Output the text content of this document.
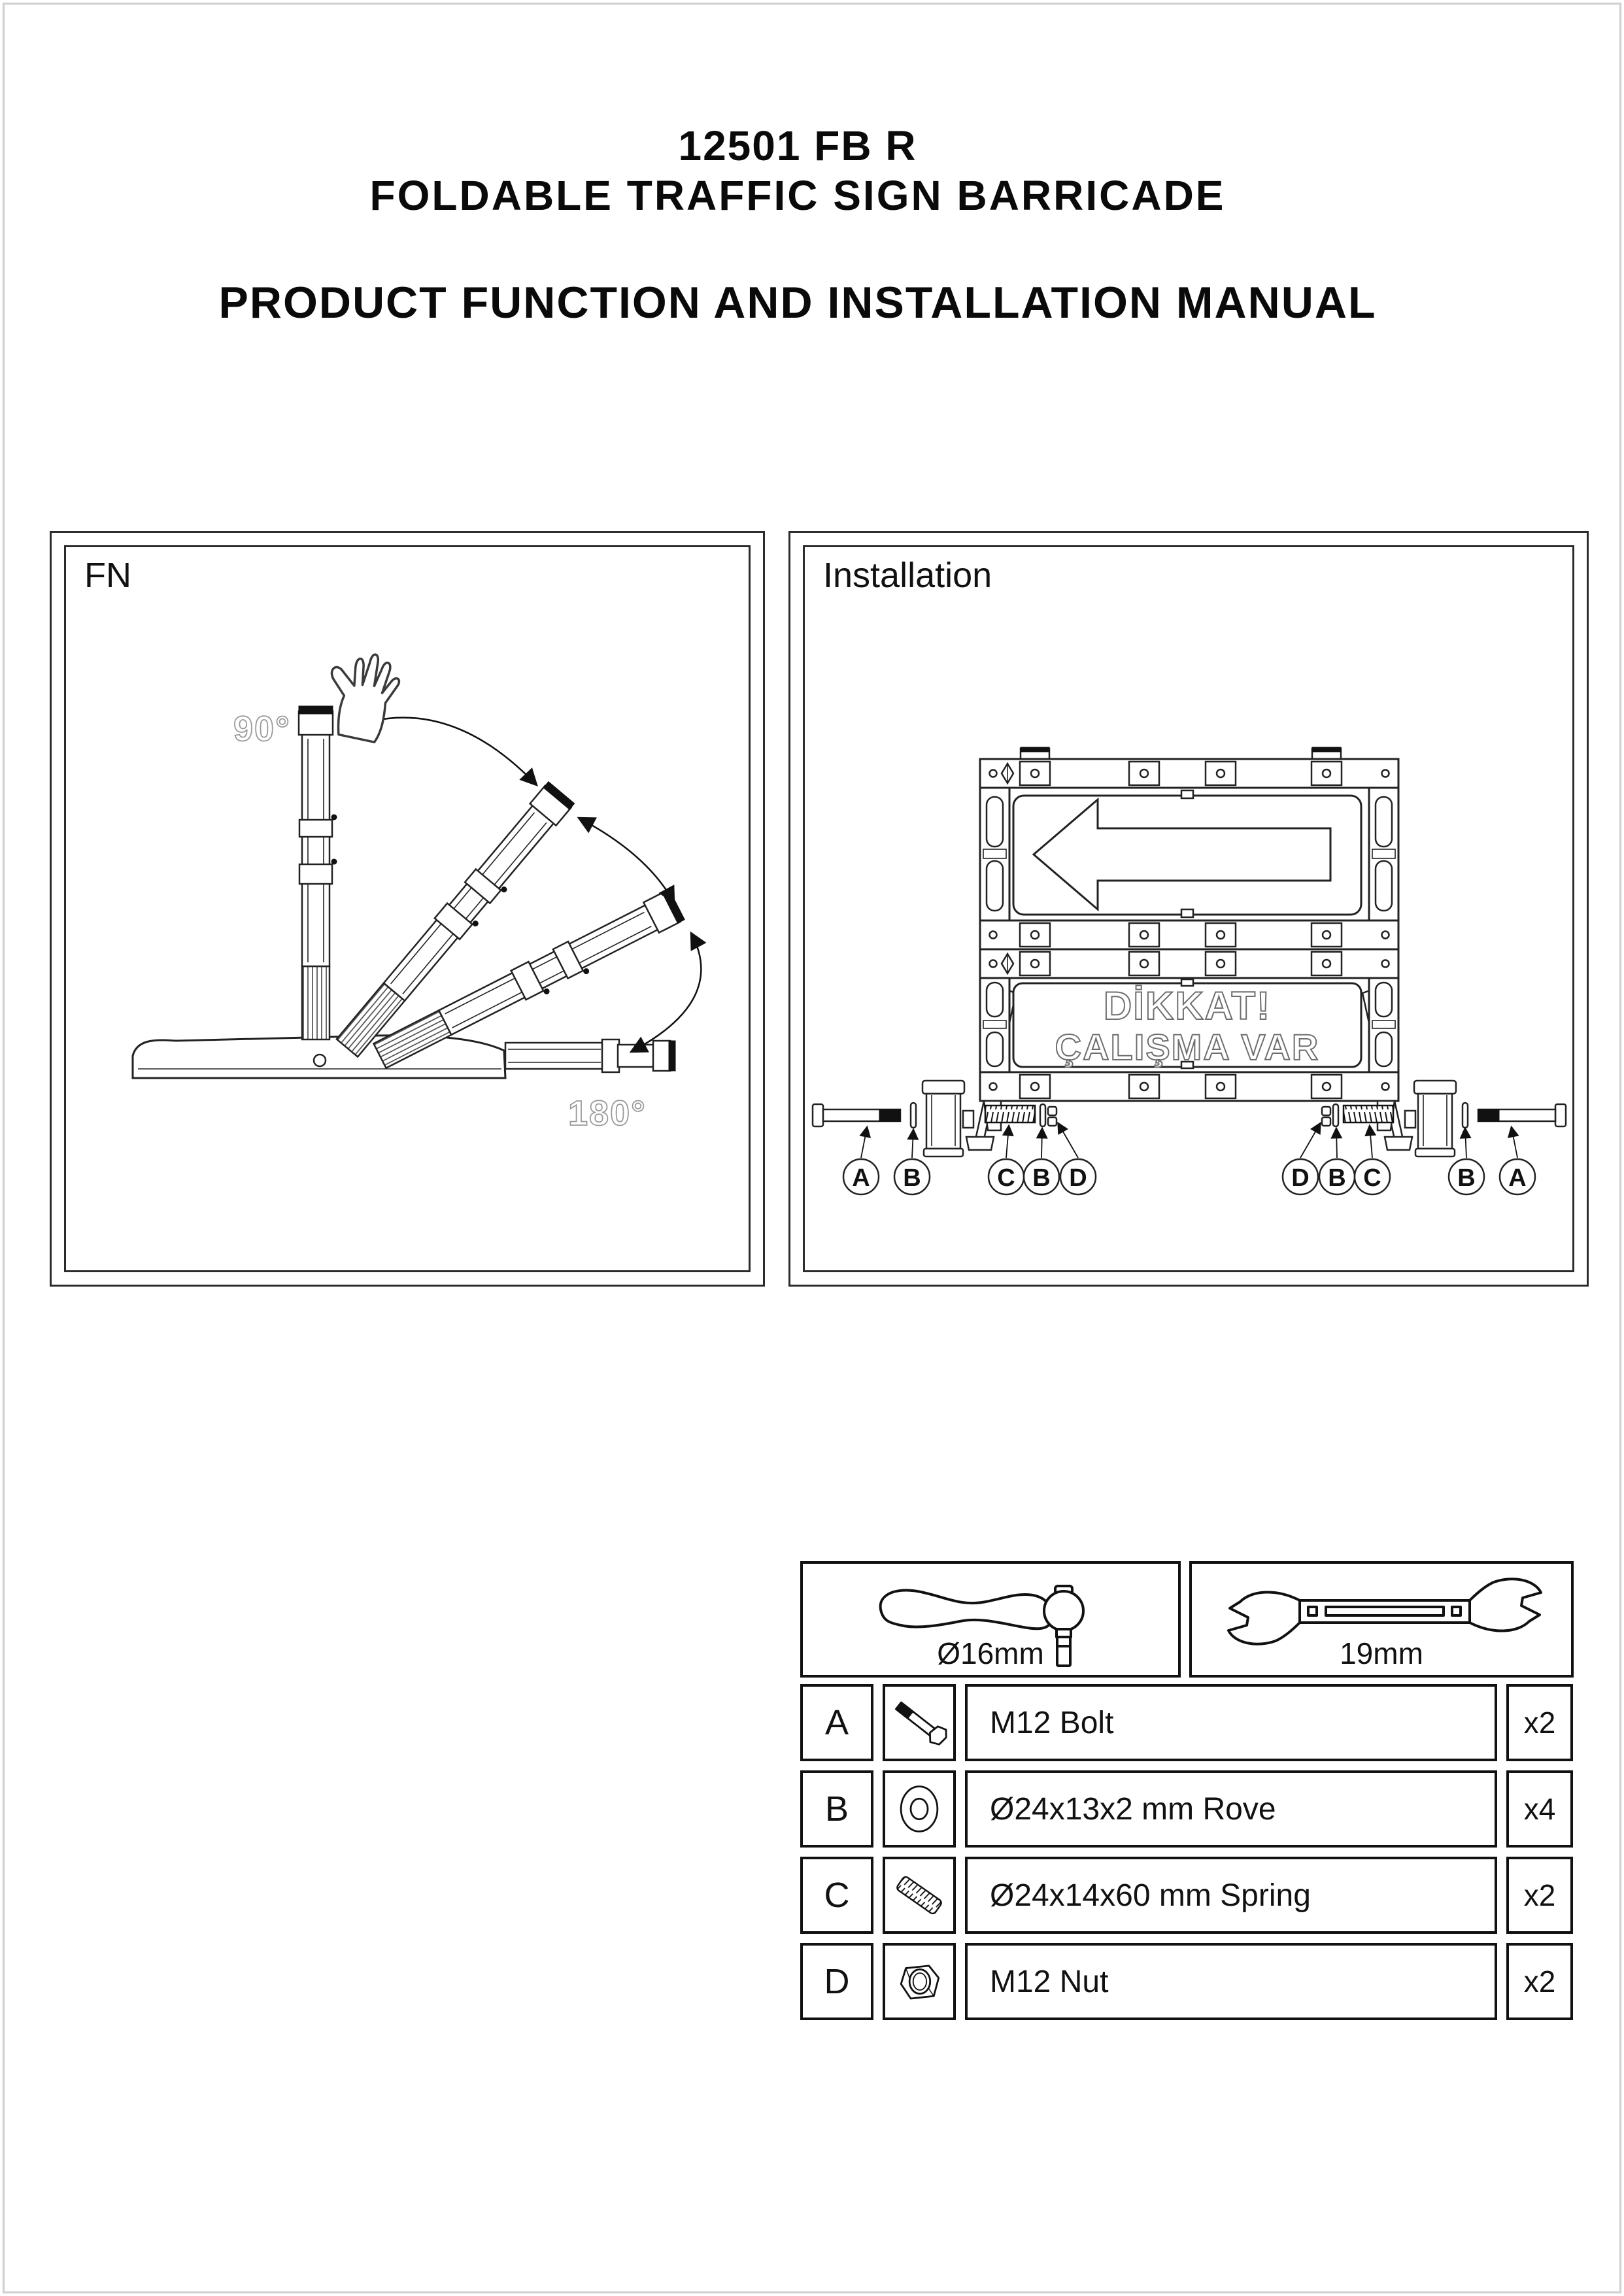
12501 FB R
FOLDABLE TRAFFIC SIGN BARRICADE
PRODUCT FUNCTION AND INSTALLATION MANUAL
FN
90°
180°
Installation
DİKKAT!
ÇALIŞMA VAR
A B	C B D	D B C	B A
Ø16mm	19mm
A	M12 Bolt	x2
B	Ø24x13x2 mm Rove	x4
C	Ø24x14x60 mm Spring	x2
D	M12 Nut	x2
